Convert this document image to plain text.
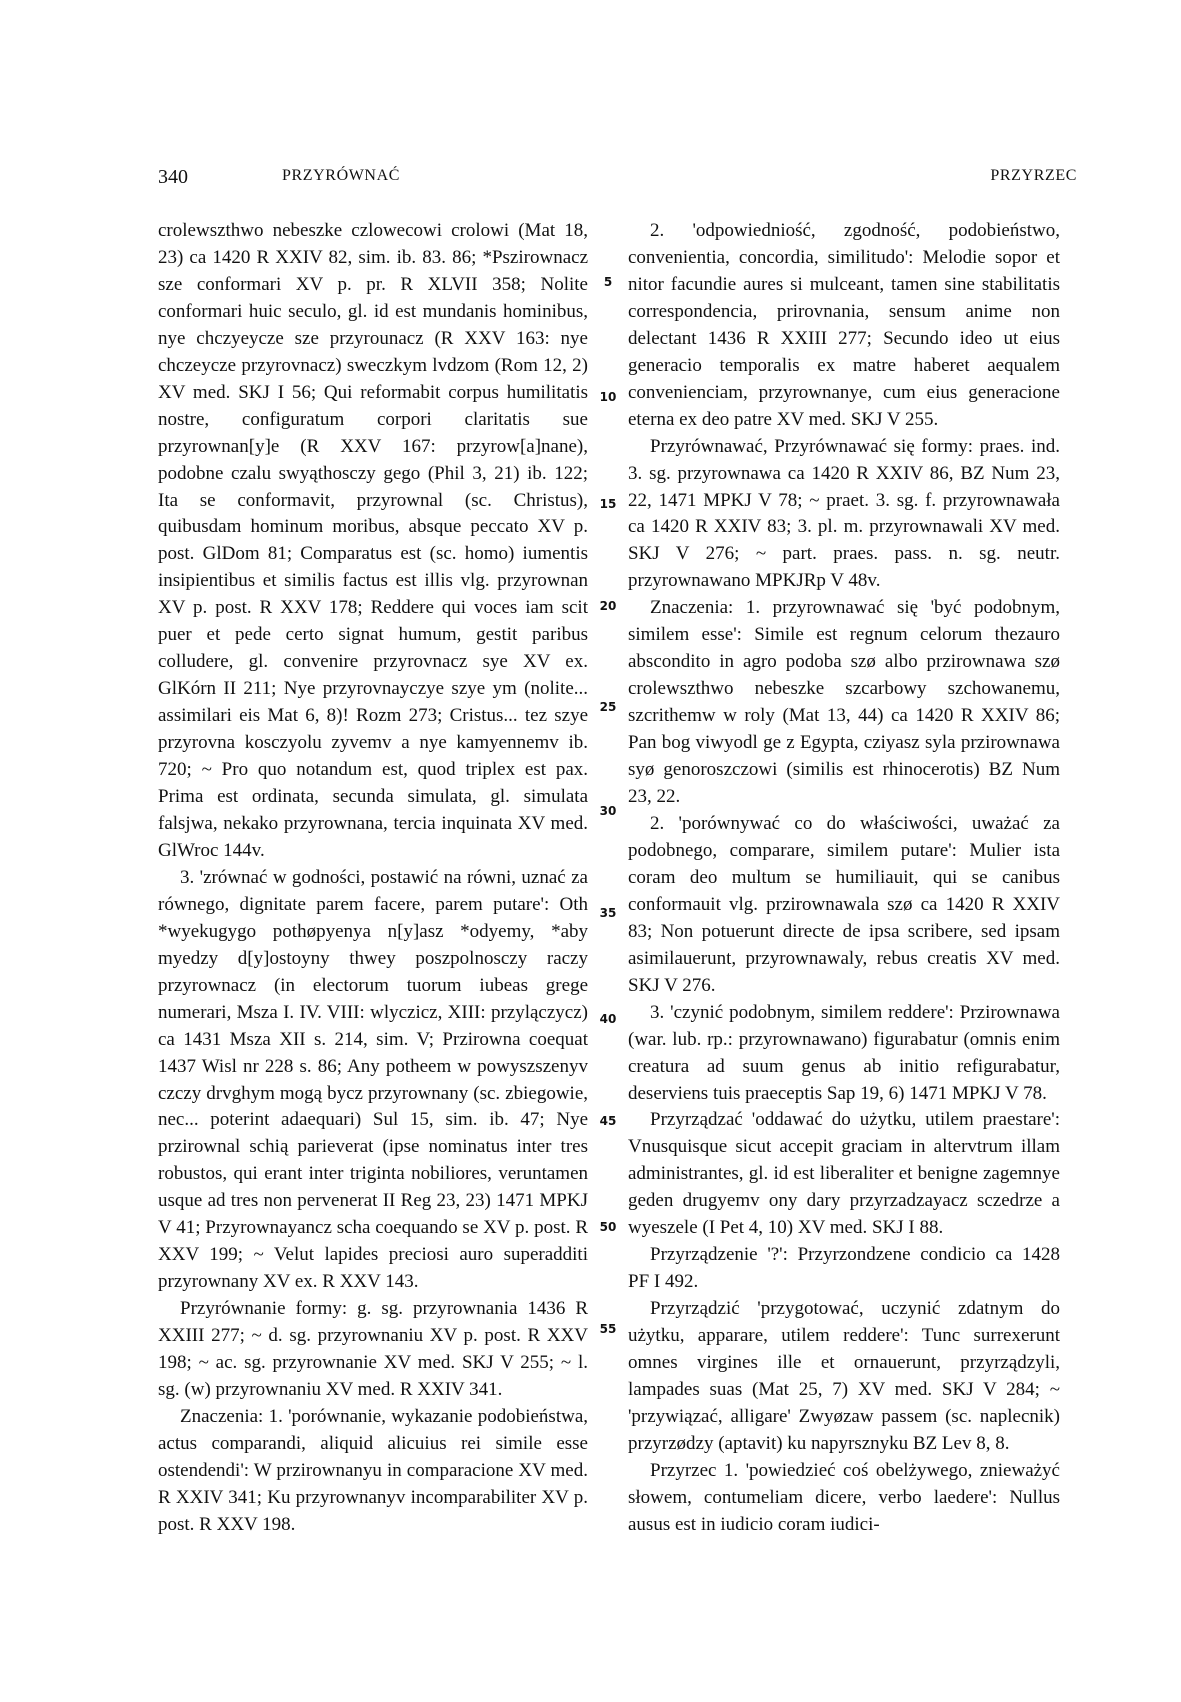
340	PRZYRÓWNAĆ	PRZYRZEC

crolewszthwo nebeszke czlowecowi crolowi (Mat 18, 23) ca 1420 R XXIV 82, sim. ib. 83. 86; *Pszirownacz sze conformari XV p. pr. R XLVII 358; Nolite conformari huic seculo, gl. id est mundanis hominibus, nye chczyeycze sze przyrounacz (R XXV 163: nye chczeycze przyrovnacz) sweczkym lvdzom (Rom 12, 2) XV med. SKJ I 56; Qui reformabit corpus humilitatis nostre, configuratum corpori claritatis sue przyrownan[y]e (R XXV 167: przyrow[a]nane), podobne czalu swyąthosczy gego (Phil 3, 21) ib. 122; Ita se conformavit, przyrownal (sc. Christus), quibusdam hominum moribus, absque peccato XV p. post. GlDom 81; Comparatus est (sc. homo) iumentis insipientibus et similis factus est illis vlg. przyrownan XV p. post. R XXV 178; Reddere qui voces iam scit puer et pede certo signat humum, gestit paribus colludere, gl. convenire przyrovnacz sye XV ex. GlKórn II 211; Nye przyrovnayczye szye ym (nolite... assimilari eis Mat 6, 8)! Rozm 273; Cristus... tez szye przyrovna kosczyolu zyvemv a nye kamyennemv ib. 720; ~ Pro quo notandum est, quod triplex est pax. Prima est ordinata, secunda simulata, gl. simulata falsjwa, nekako przyrownana, tercia inquinata XV med. GlWroc 144v.

3. 'zrównać w godności, postawić na równi, uznać za równego, dignitate parem facere, parem putare': Oth *wyekugygo pothøpyenya n[y]asz *odyemy, *aby myedzy d[y]ostoyny thwey poszpolnosczy raczy przyrownacz (in electorum tuorum iubeas grege numerari, Msza I. IV. VIII: wlyczicz, XIII: przylączycz) ca 1431 Msza XII s. 214, sim. V; Przirowna coequat 1437 Wisl nr 228 s. 86; Any potheem w powyszszenyv czczy drvghym mogą bycz przyrownany (sc. zbiegowie, nec... poterint adaequari) Sul 15, sim. ib. 47; Nye przirownal schią parieverat (ipse nominatus inter tres robustos, qui erant inter triginta nobiliores, veruntamen usque ad tres non pervenerat II Reg 23, 23) 1471 MPKJ V 41; Przyrownayancz scha coequando se XV p. post. R XXV 199; ~ Velut lapides preciosi auro superadditi przyrownany XV ex. R XXV 143.

Przyrównanie formy: g. sg. przyrownania 1436 R XXIII 277; ~ d. sg. przyrownaniu XV p. post. R XXV 198; ~ ac. sg. przyrownanie XV med. SKJ V 255; ~ l. sg. (w) przyrownaniu XV med. R XXIV 341.

Znaczenia: 1. 'porównanie, wykazanie podobieństwa, actus comparandi, aliquid alicuius rei simile esse ostendendi': W przirownanyu in comparacione XV med. R XXIV 341; Ku przyrownanyv incomparabiliter XV p. post. R XXV 198.

5
10
15
20
25
30
35
40
45
50
55

2. 'odpowiedniość, zgodność, podobieństwo, convenientia, concordia, similitudo': Melodie sopor et nitor facundie aures si mulceant, tamen sine stabilitatis correspondencia, prirovnania, sensum anime non delectant 1436 R XXIII 277; Secundo ideo ut eius generacio temporalis ex matre haberet aequalem convenienciam, przyrownanye, cum eius generacione eterna ex deo patre XV med. SKJ V 255.

Przyrównawać, Przyrównawać się formy: praes. ind. 3. sg. przyrownawa ca 1420 R XXIV 86, BZ Num 23, 22, 1471 MPKJ V 78; ~ praet. 3. sg. f. przyrownawała ca 1420 R XXIV 83; 3. pl. m. przyrownawali XV med. SKJ V 276; ~ part. praes. pass. n. sg. neutr. przyrownawano MPKJRp V 48v.

Znaczenia: 1. przyrownawać się 'być podobnym, similem esse': Simile est regnum celorum thezauro abscondito in agro podoba szø albo przirownawa szø crolewszthwo nebeszke szcarbowy szchowanemu, szcrithemw w roly (Mat 13, 44) ca 1420 R XXIV 86; Pan bog viwyodl ge z Egypta, cziyasz syla przirownawa syø genoroszczowi (similis est rhinocerotis) BZ Num 23, 22.

2. 'porównywać co do właściwości, uważać za podobnego, comparare, similem putare': Mulier ista coram deo multum se humiliauit, qui se canibus conformauit vlg. przirownawala szø ca 1420 R XXIV 83; Non potuerunt directe de ipsa scribere, sed ipsam asimilauerunt, przyrownawaly, rebus creatis XV med. SKJ V 276.

3. 'czynić podobnym, similem reddere': Przirownawa (war. lub. rp.: przyrownawano) figurabatur (omnis enim creatura ad suum genus ab initio refigurabatur, deserviens tuis praeceptis Sap 19, 6) 1471 MPKJ V 78.

Przyrządzać 'oddawać do użytku, utilem praestare': Vnusquisque sicut accepit graciam in altervtrum illam administrantes, gl. id est liberaliter et benigne zagemnye geden drugyemv ony dary przyrzadzayacz sczedrze a wyeszele (I Pet 4, 10) XV med. SKJ I 88.

Przyrządzenie '?': Przyrzondzene condicio ca 1428 PF I 492.

Przyrządzić 'przygotować, uczynić zdatnym do użytku, apparare, utilem reddere': Tunc surrexerunt omnes virgines ille et ornauerunt, przyrządzyli, lampades suas (Mat 25, 7) XV med. SKJ V 284; ~ 'przywiązać, alligare' Zwyøzaw passem (sc. naplecnik) przyrzødzy (aptavit) ku napyrsznyku BZ Lev 8, 8.

Przyrzec 1. 'powiedzieć coś obelżywego, znieważyć słowem, contumeliam dicere, verbo laedere': Nullus ausus est in iudicio coram iudici-
